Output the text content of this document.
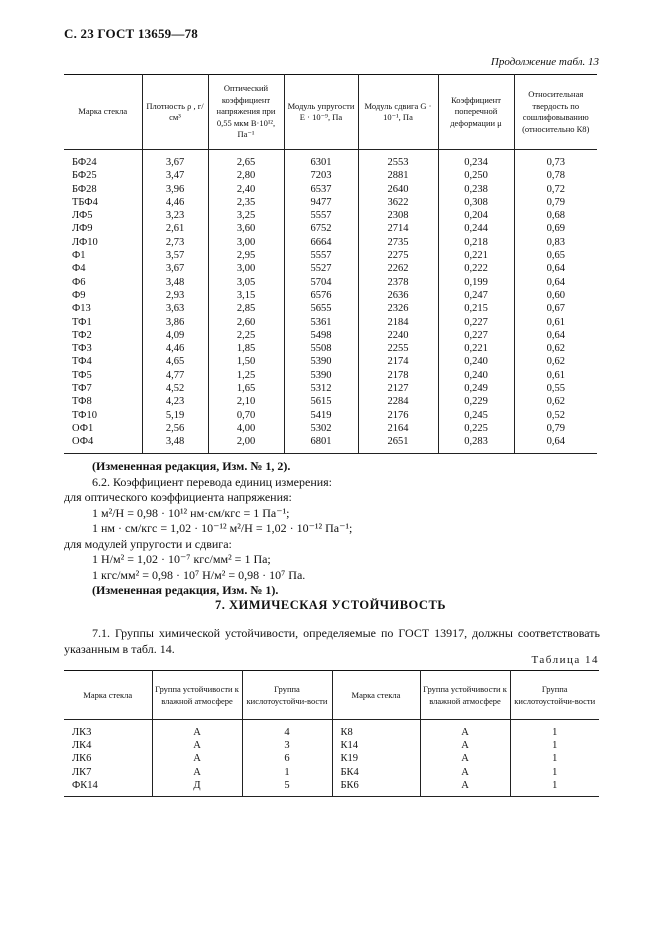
С. 23 ГОСТ 13659—78
Продолжение табл. 13
Марка стекла	Плотность ρ , г/см³	Оптический коэффициент напряжения при 0,55 мкм B·10¹², Па⁻¹	Модуль упругости E · 10⁻⁹, Па	Модуль сдвига G · 10⁻¹, Па	Коэффициент поперечной деформации μ	Относительная твердость по сошлифовыванию (относительно К8)
БФ24	3,67	2,65	6301	2553	0,234	0,73
БФ25	3,47	2,80	7203	2881	0,250	0,78
БФ28	3,96	2,40	6537	2640	0,238	0,72
ТБФ4	4,46	2,35	9477	3622	0,308	0,79
ЛФ5	3,23	3,25	5557	2308	0,204	0,68
ЛФ9	2,61	3,60	6752	2714	0,244	0,69
ЛФ10	2,73	3,00	6664	2735	0,218	0,83
Ф1	3,57	2,95	5557	2275	0,221	0,65
Ф4	3,67	3,00	5527	2262	0,222	0,64
Ф6	3,48	3,05	5704	2378	0,199	0,64
Ф9	2,93	3,15	6576	2636	0,247	0,60
Ф13	3,63	2,85	5655	2326	0,215	0,67
ТФ1	3,86	2,60	5361	2184	0,227	0,61
ТФ2	4,09	2,25	5498	2240	0,227	0,64
ТФ3	4,46	1,85	5508	2255	0,221	0,62
ТФ4	4,65	1,50	5390	2174	0,240	0,62
ТФ5	4,77	1,25	5390	2178	0,240	0,61
ТФ7	4,52	1,65	5312	2127	0,249	0,55
ТФ8	4,23	2,10	5615	2284	0,229	0,62
ТФ10	5,19	0,70	5419	2176	0,245	0,52
ОФ1	2,56	4,00	5302	2164	0,225	0,79
ОФ4	3,48	2,00	6801	2651	0,283	0,64
(Измененная редакция, Изм. № 1, 2).
6.2. Коэффициент перевода единиц измерения:
для оптического коэффициента напряжения:
1 м²/Н = 0,98 · 10¹² нм·см/кгс = 1 Па⁻¹;
1 нм · см/кгс = 1,02 · 10⁻¹² м²/Н = 1,02 · 10⁻¹² Па⁻¹;
для модулей упругости и сдвига:
1 Н/м² = 1,02 · 10⁻⁷ кгс/мм² = 1 Па;
1 кгс/мм² = 0,98 · 10⁷ Н/м² = 0,98 · 10⁷ Па.
(Измененная редакция, Изм. № 1).
7. ХИМИЧЕСКАЯ УСТОЙЧИВОСТЬ
7.1. Группы химической устойчивости, определяемые по ГОСТ 13917, должны соответствовать указанным в табл. 14.
Таблица 14
Марка стекла	Группа устойчивости к влажной атмосфере	Группа кислотоустойчи-вости	Марка стекла	Группа устойчивости к влажной атмосфере	Группа кислотоустойчи-вости
ЛК3	А	4	К8	А	1
ЛК4	А	3	К14	А	1
ЛК6	А	6	К19	А	1
ЛК7	А	1	БК4	А	1
ФК14	Д	5	БК6	А	1
